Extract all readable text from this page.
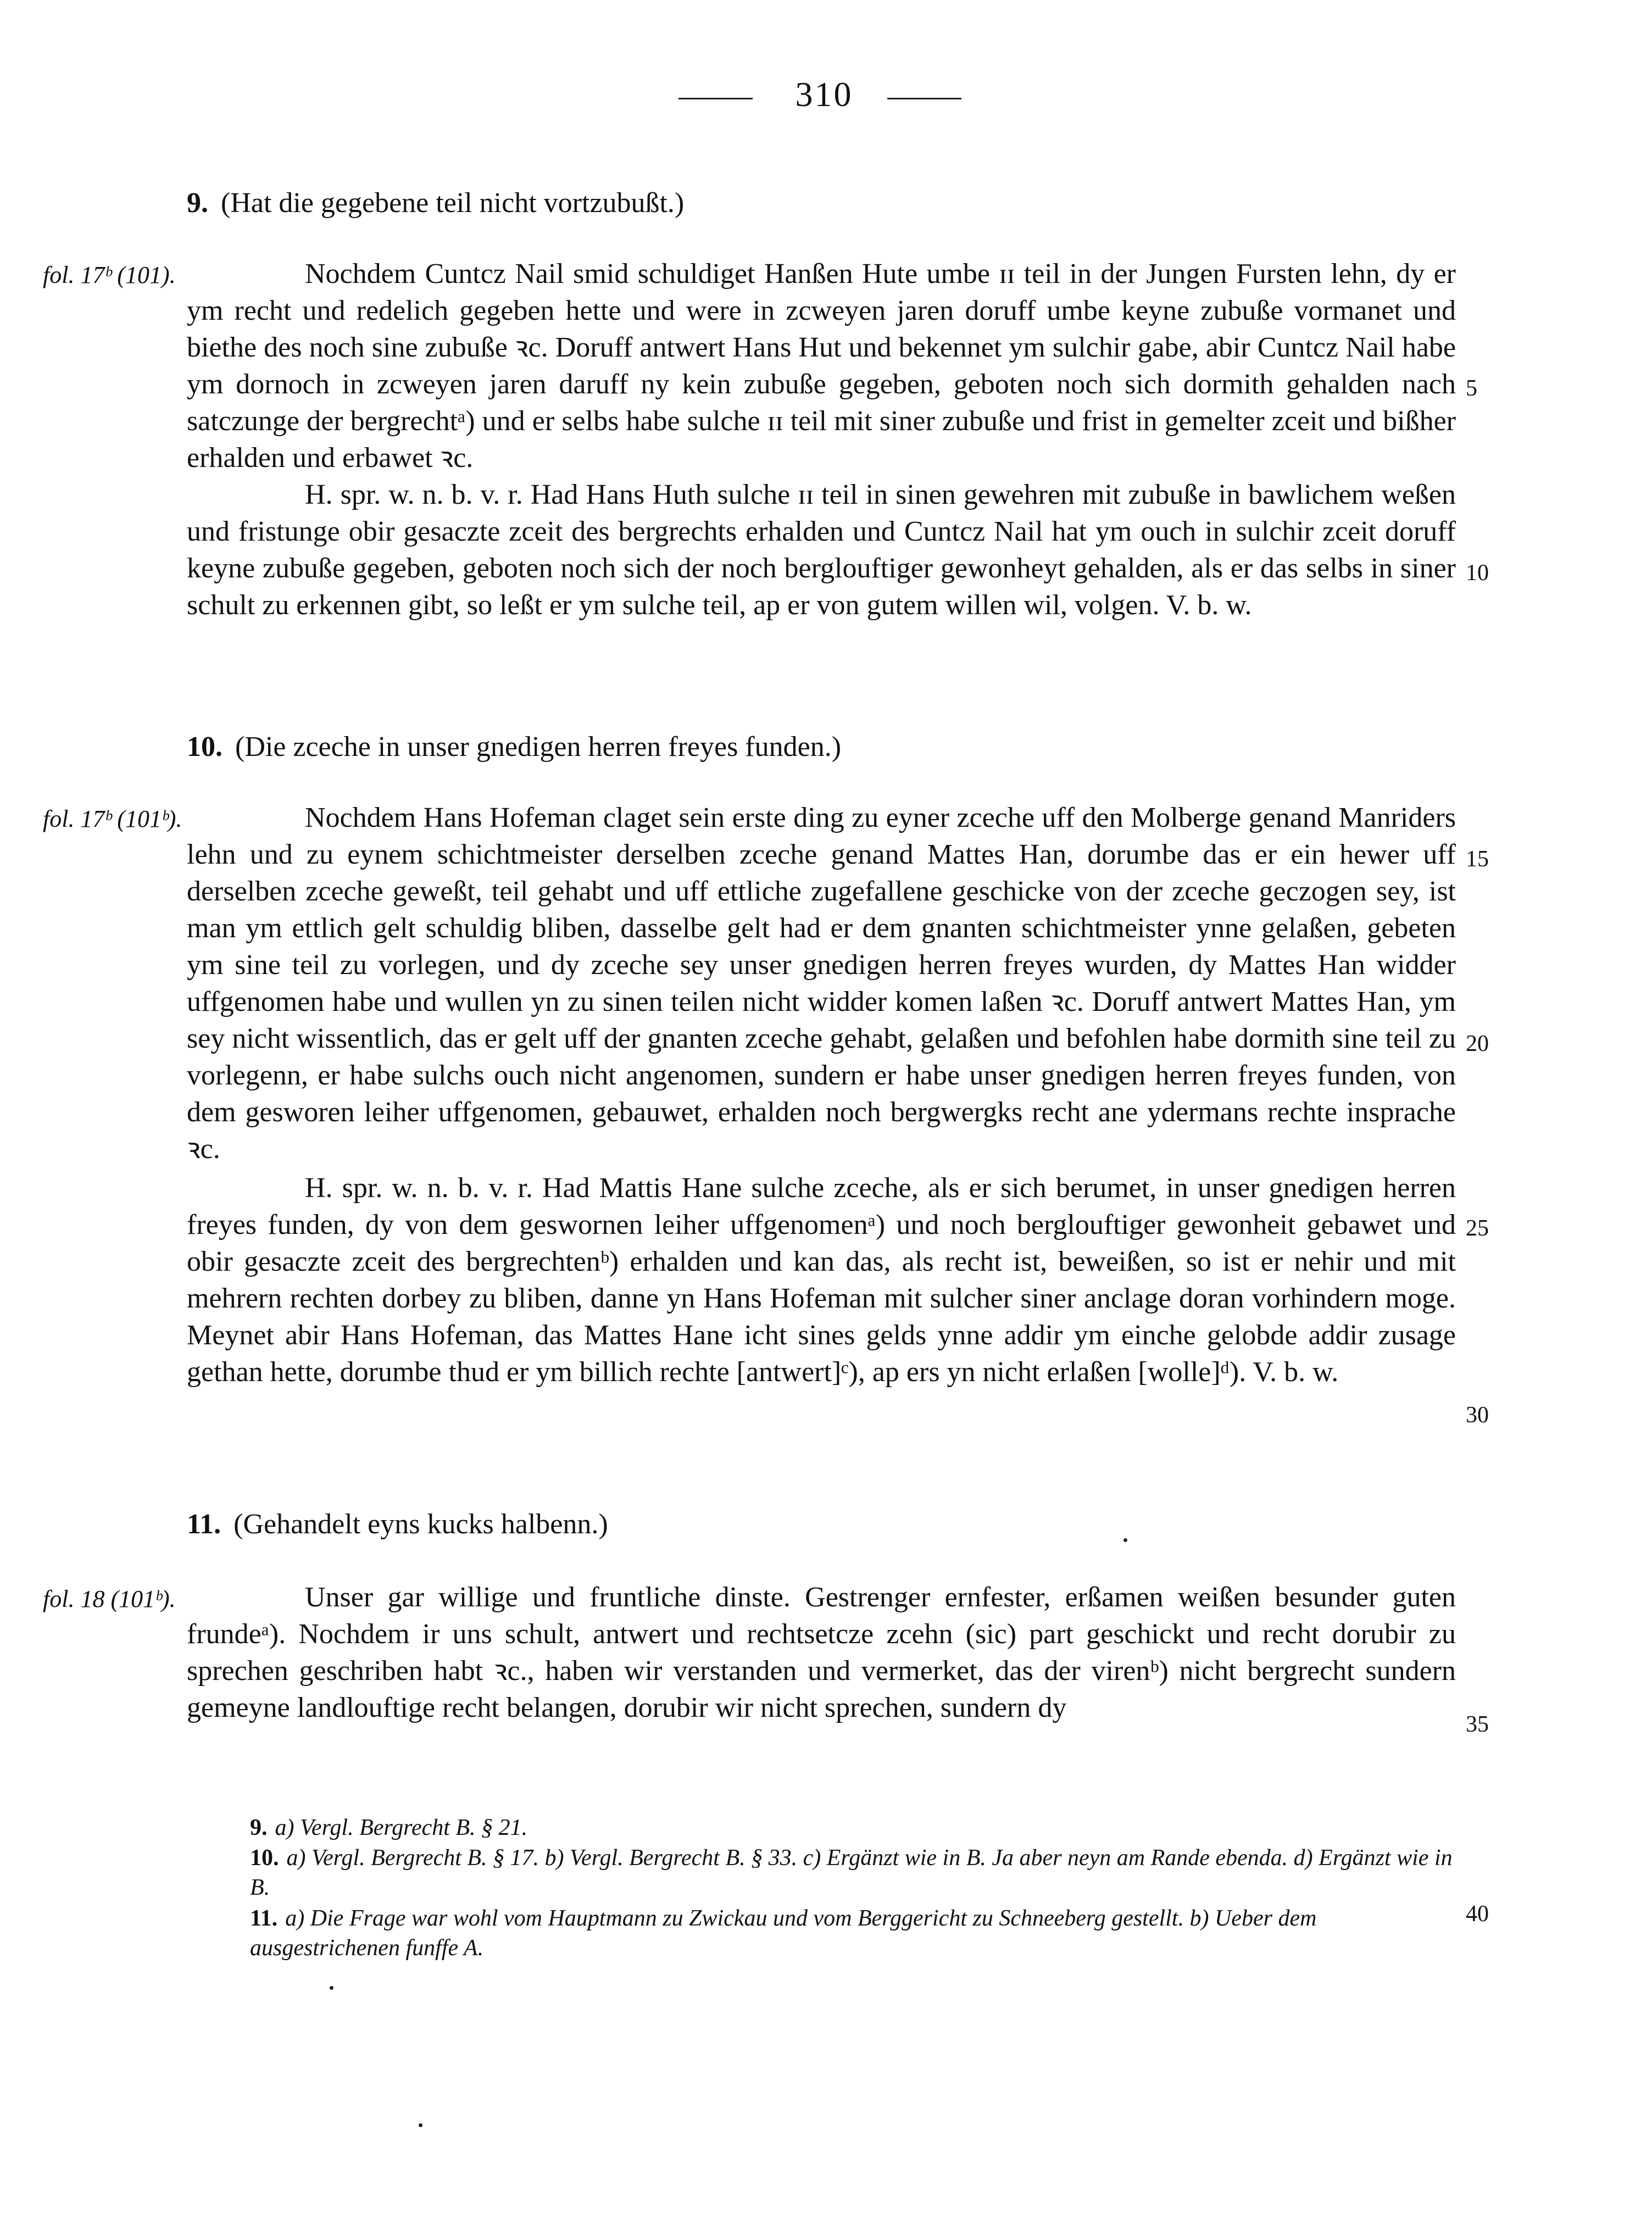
310
9. (Hat die gegebene teil nicht vortzubußt.)
fol. 17ᵇ (101).	Nochdem Cuntcz Nail smid schuldiget Hanßen Hute umbe ɪɪ teil in der Jungen Fursten lehn, dy er ym recht und redelich gegeben hette und were in zcweyen jaren doruff umbe keyne zubuße vormanet und biethe des noch sine zubuße ꝛc. Doruff antwert Hans Hut und bekennet ym sulchir gabe, abir Cuntcz Nail habe ym dornoch in zcweyen jaren daruff ny kein zubuße gegeben, geboten noch sich dormith gehalden nach satczunge der bergrechtᵃ) und er selbs habe sulche ɪɪ teil mit siner zubuße und frist in gemelter zceit und bißher erhalden und erbawet ꝛc.
H. spr. w. n. b. v. r. Had Hans Huth sulche ɪɪ teil in sinen gewehren mit zubuße in bawlichem weßen und fristunge obir gesaczte zceit des bergrechts erhalden und Cuntcz Nail hat ym ouch in sulchir zceit doruff keyne zubuße gegeben, geboten noch sich der noch berglouftiger gewonheyt gehalden, als er das selbs in siner schult zu erkennen gibt, so leßt er ym sulche teil, ap er von gutem willen wil, volgen. V. b. w.
10. (Die zceche in unser gnedigen herren freyes funden.)
fol. 17ᵇ (101ᵇ).	Nochdem Hans Hofeman claget sein erste ding zu eyner zceche uff den Molberge genand Manriders lehn und zu eynem schichtmeister derselben zceche genand Mattes Han, dorumbe das er ein hewer uff derselben zceche geweßt, teil gehabt und uff ettliche zugefallene geschicke von der zceche geczogen sey, ist man ym ettlich gelt schuldig bliben, dasselbe gelt had er dem gnanten schichtmeister ynne gelaßen, gebeten ym sine teil zu vorlegen, und dy zceche sey unser gnedigen herren freyes wurden, dy Mattes Han widder uffgenomen habe und wullen yn zu sinen teilen nicht widder komen laßen ꝛc. Doruff antwert Mattes Han, ym sey nicht wissentlich, das er gelt uff der gnanten zceche gehabt, gelaßen und befohlen habe dormith sine teil zu vorlegenn, er habe sulchs ouch nicht angenomen, sundern er habe unser gnedigen herren freyes funden, von dem gesworen leiher uffgenomen, gebauwet, erhalden noch bergwergks recht ane ydermans rechte insprache ꝛc.
H. spr. w. n. b. v. r. Had Mattis Hane sulche zceche, als er sich berumet, in unser gnedigen herren freyes funden, dy von dem geswornen leiher uffgenomenᵃ) und noch berglouftiger gewonheit gebawet und obir gesaczte zceit des bergrechtenᵇ) erhalden und kan das, als recht ist, beweißen, so ist er nehir und mit mehrern rechten dorbey zu bliben, danne yn Hans Hofeman mit sulcher siner anclage doran vorhindern moge. Meynet abir Hans Hofeman, das Mattes Hane icht sines gelds ynne addir ym einche gelobde addir zusage gethan hette, dorumbe thud er ym billich rechte [antwert]ᶜ), ap ers yn nicht erlaßen [wolle]ᵈ). V. b. w.
11. (Gehandelt eyns kucks halbenn.)
fol. 18 (101ᵇ).	Unser gar willige und fruntliche dinste. Gestrenger ernfester, erßamen weißen besunder guten frundeᵃ). Nochdem ir uns schult, antwert und rechtsetcze zcehn (sic) part geschickt und recht dorubir zu sprechen geschriben habt ꝛc., haben wir verstanden und vermerket, das der virenᵇ) nicht bergrecht sundern gemeyne landlouftige recht belangen, dorubir wir nicht sprechen, sundern dy
5
10
15
20
25
30
35
40
9. a) Vergl. Bergrecht B. § 21.
10. a) Vergl. Bergrecht B. § 17. b) Vergl. Bergrecht B. § 33. c) Ergänzt wie in B. Ja aber neyn am Rande ebenda. d) Ergänzt wie in B.
11. a) Die Frage war wohl vom Hauptmann zu Zwickau und vom Berggericht zu Schneeberg gestellt. b) Ueber dem ausgestrichenen funffe A.
